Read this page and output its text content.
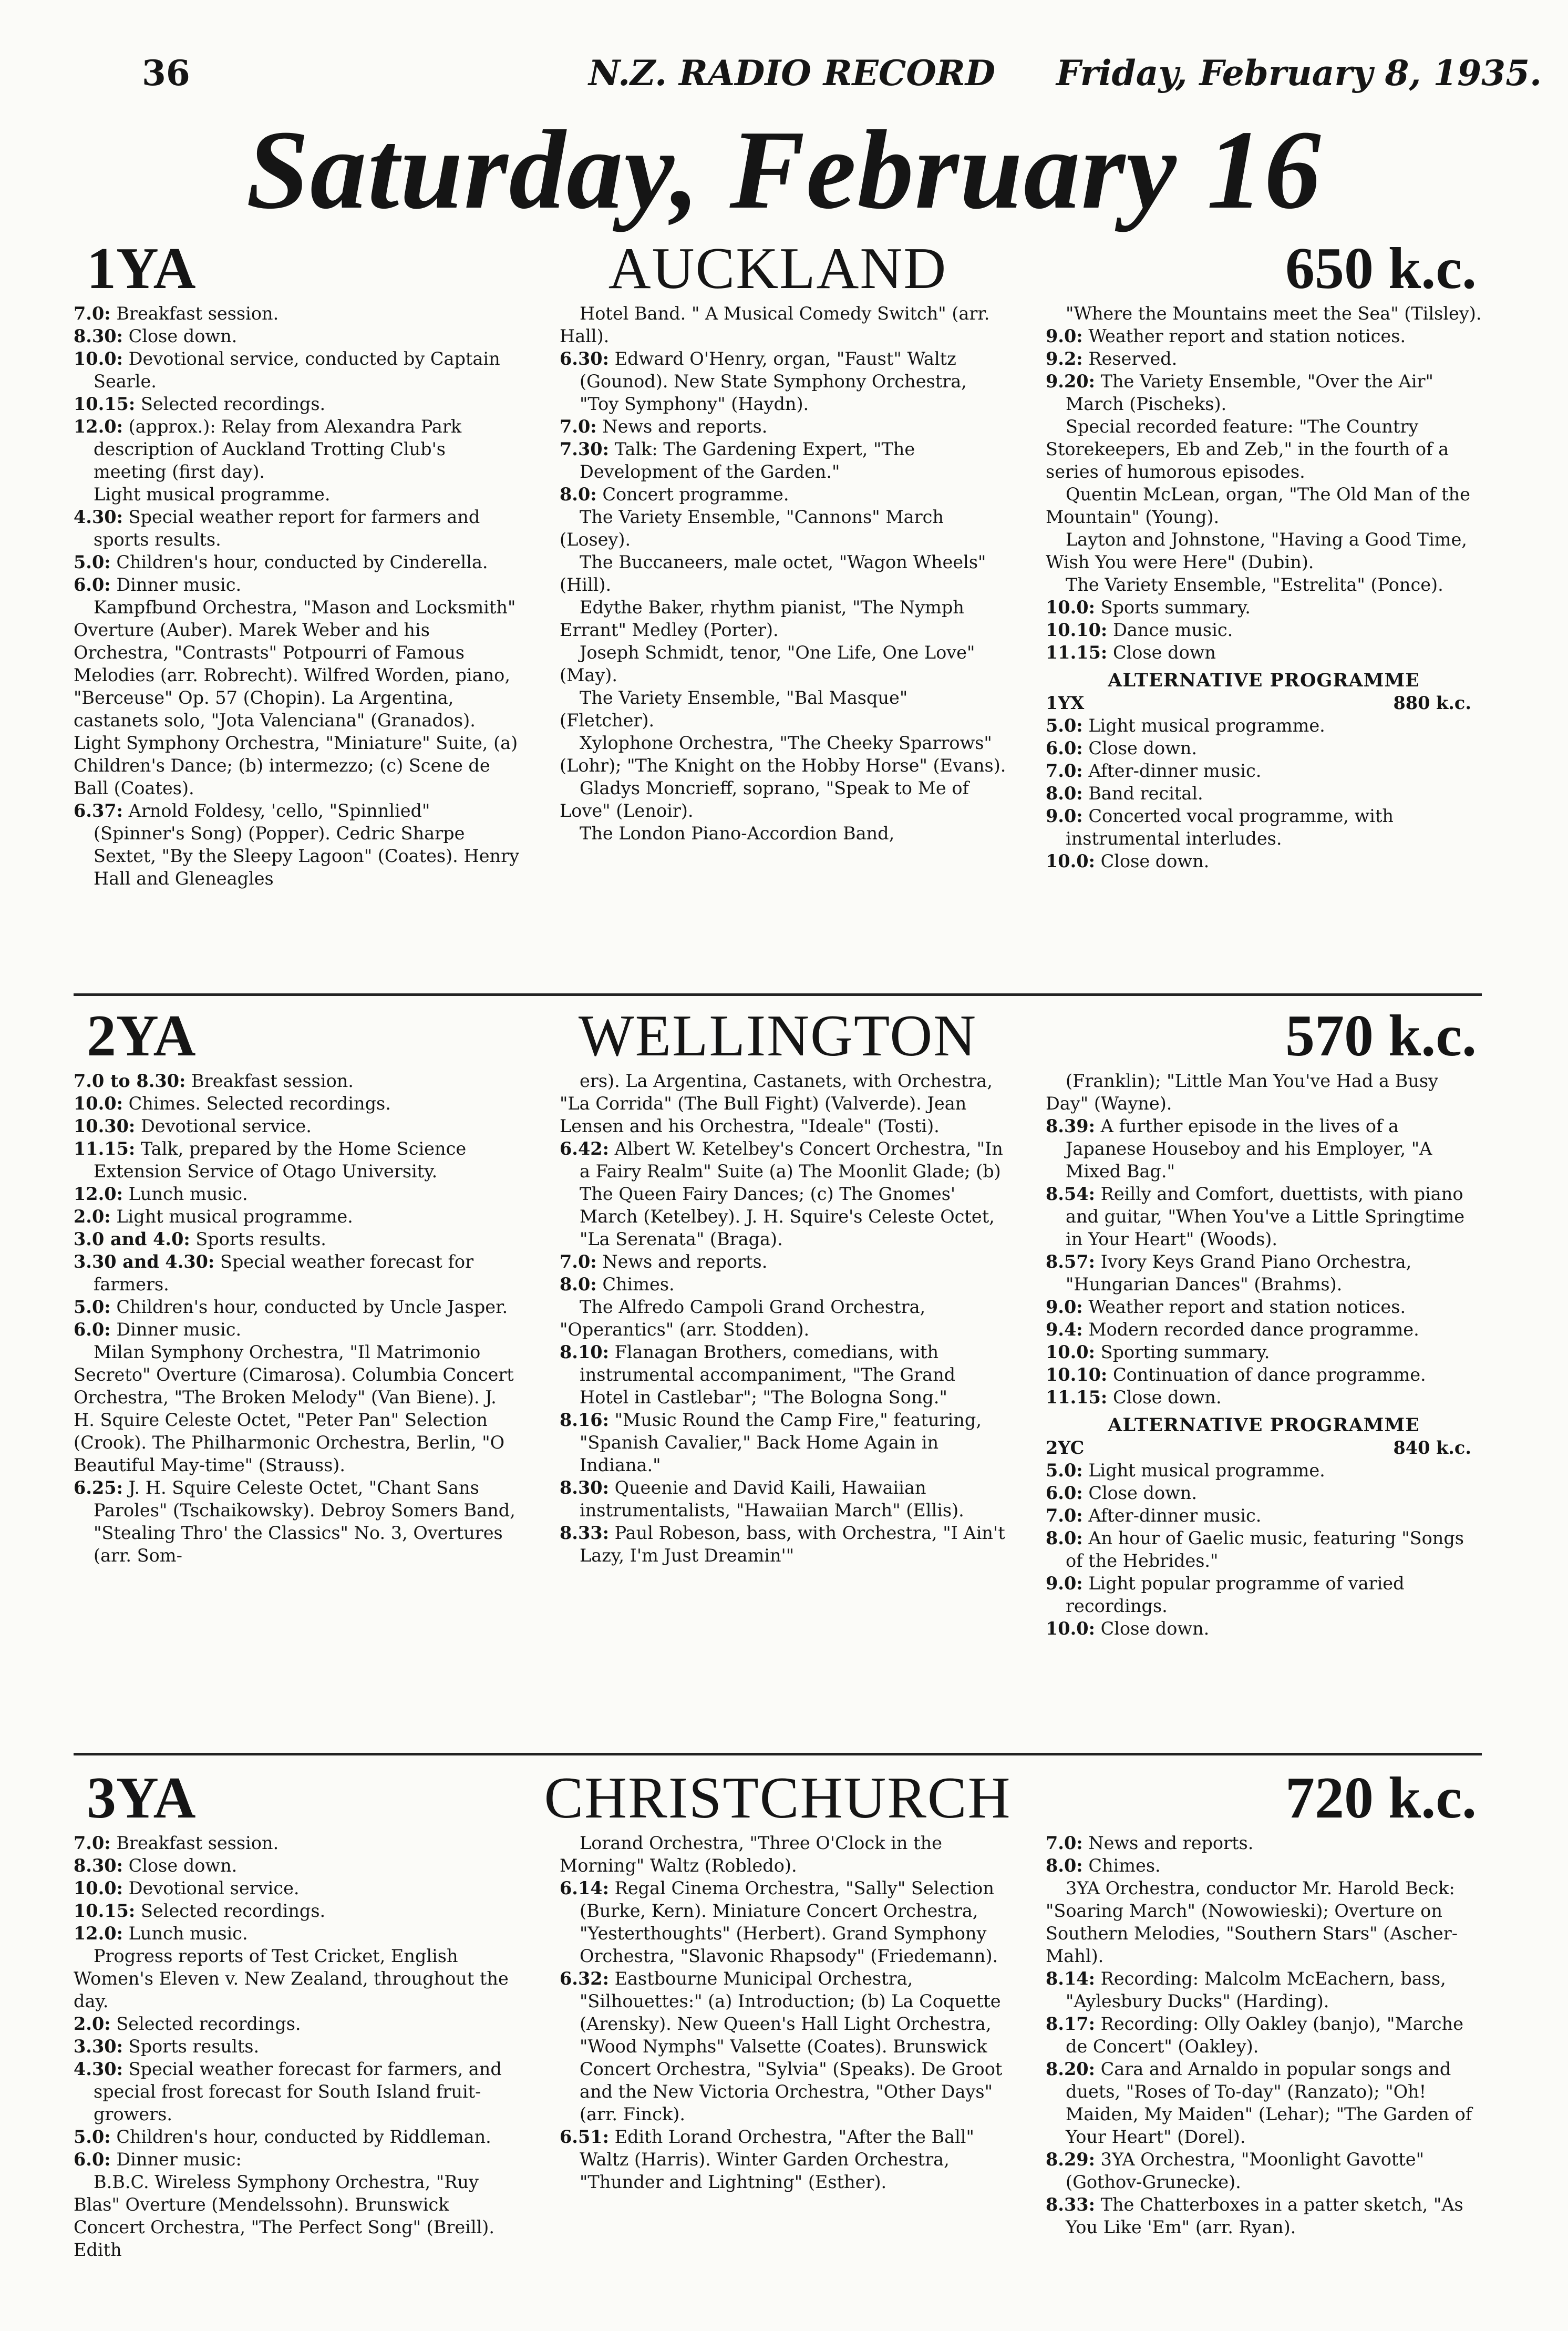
36	N.Z. RADIO RECORD Friday, February 8, 1935.
Saturday, February 16
1YA	AUCKLAND	650 k.c.

7.0: Breakfast session.

8.30: Close down.

10.0: Devotional service, conducted by Captain Searle.

10.15: Selected recordings.

12.0: (approx.): Relay from Alexandra Park description of Auckland Trotting Club's meeting (first day).

Light musical programme.

4.30: Special weather report for farmers and sports results.

5.0: Children's hour, conducted by Cinderella.

6.0: Dinner music.

Kampfbund Orchestra, "Mason and Locksmith" Overture (Auber). Marek Weber and his Orchestra, "Contrasts" Potpourri of Famous Melodies (arr. Robrecht). Wilfred Worden, piano, "Berceuse" Op. 57 (Chopin). La Argentina, castanets solo, "Jota Valenciana" (Granados). Light Symphony Orchestra, "Miniature" Suite, (a) Children's Dance; (b) intermezzo; (c) Scene de Ball (Coates).

6.37: Arnold Foldesy, 'cello, "Spinnlied" (Spinner's Song) (Popper). Cedric Sharpe Sextet, "By the Sleepy Lagoon" (Coates). Henry Hall and Gleneagles

Hotel Band. " A Musical Comedy Switch" (arr. Hall).

6.30: Edward O'Henry, organ, "Faust" Waltz (Gounod). New State Symphony Orchestra, "Toy Symphony" (Haydn).

7.0: News and reports.

7.30: Talk: The Gardening Expert, "The Development of the Garden."

8.0: Concert programme.

The Variety Ensemble, "Cannons" March (Losey).

The Buccaneers, male octet, "Wagon Wheels" (Hill).

Edythe Baker, rhythm pianist, "The Nymph Errant" Medley (Porter).

Joseph Schmidt, tenor, "One Life, One Love" (May).

The Variety Ensemble, "Bal Masque" (Fletcher).

Xylophone Orchestra, "The Cheeky Sparrows" (Lohr); "The Knight on the Hobby Horse" (Evans).

Gladys Moncrieff, soprano, "Speak to Me of Love" (Lenoir).

The London Piano-Accordion Band,

"Where the Mountains meet the Sea" (Tilsley).

9.0: Weather report and station notices.

9.2: Reserved.

9.20: The Variety Ensemble, "Over the Air" March (Pischeks).

Special recorded feature: "The Country Storekeepers, Eb and Zeb," in the fourth of a series of humorous episodes.

Quentin McLean, organ, "The Old Man of the Mountain" (Young).

Layton and Johnstone, "Having a Good Time, Wish You were Here" (Dubin).

The Variety Ensemble, "Estrelita" (Ponce).

10.0: Sports summary.

10.10: Dance music.

11.15: Close down

ALTERNATIVE PROGRAMME

1YX	880 k.c.

5.0: Light musical programme.

6.0: Close down.

7.0: After-dinner music.

8.0: Band recital.

9.0: Concerted vocal programme, with instrumental interludes.

10.0: Close down.

2YA	WELLINGTON	570 k.c.

7.0 to 8.30: Breakfast session.

10.0: Chimes. Selected recordings.

10.30: Devotional service.

11.15: Talk, prepared by the Home Science Extension Service of Otago University.

12.0: Lunch music.

2.0: Light musical programme.

3.0 and 4.0: Sports results.

3.30 and 4.30: Special weather forecast for farmers.

5.0: Children's hour, conducted by Uncle Jasper.

6.0: Dinner music.

Milan Symphony Orchestra, "Il Matrimonio Secreto" Overture (Cimarosa). Columbia Concert Orchestra, "The Broken Melody" (Van Biene). J. H. Squire Celeste Octet, "Peter Pan" Selection (Crook). The Philharmonic Orchestra, Berlin, "O Beautiful May-time" (Strauss).

6.25: J. H. Squire Celeste Octet, "Chant Sans Paroles" (Tschaikowsky). Debroy Somers Band, "Stealing Thro' the Classics" No. 3, Overtures (arr. Som-

ers). La Argentina, Castanets, with Orchestra, "La Corrida" (The Bull Fight) (Valverde). Jean Lensen and his Orchestra, "Ideale" (Tosti).

6.42: Albert W. Ketelbey's Concert Orchestra, "In a Fairy Realm" Suite (a) The Moonlit Glade; (b) The Queen Fairy Dances; (c) The Gnomes' March (Ketelbey). J. H. Squire's Celeste Octet, "La Serenata" (Braga).

7.0: News and reports.

8.0: Chimes.

The Alfredo Campoli Grand Orchestra, "Operantics" (arr. Stodden).

8.10: Flanagan Brothers, comedians, with instrumental accompaniment, "The Grand Hotel in Castlebar"; "The Bologna Song."

8.16: "Music Round the Camp Fire," featuring, "Spanish Cavalier," Back Home Again in Indiana."

8.30: Queenie and David Kaili, Hawaiian instrumentalists, "Hawaiian March" (Ellis).

8.33: Paul Robeson, bass, with Orchestra, "I Ain't Lazy, I'm Just Dreamin'"

(Franklin); "Little Man You've Had a Busy Day" (Wayne).

8.39: A further episode in the lives of a Japanese Houseboy and his Employer, "A Mixed Bag."

8.54: Reilly and Comfort, duettists, with piano and guitar, "When You've a Little Springtime in Your Heart" (Woods).

8.57: Ivory Keys Grand Piano Orchestra, "Hungarian Dances" (Brahms).

9.0: Weather report and station notices.

9.4: Modern recorded dance programme.

10.0: Sporting summary.

10.10: Continuation of dance programme.

11.15: Close down.

ALTERNATIVE PROGRAMME

2YC	840 k.c.

5.0: Light musical programme.

6.0: Close down.

7.0: After-dinner music.

8.0: An hour of Gaelic music, featuring "Songs of the Hebrides."

9.0: Light popular programme of varied recordings.

10.0: Close down.

3YA	CHRISTCHURCH	720 k.c.

7.0: Breakfast session.

8.30: Close down.

10.0: Devotional service.

10.15: Selected recordings.

12.0: Lunch music.

Progress reports of Test Cricket, English Women's Eleven v. New Zealand, throughout the day.

2.0: Selected recordings.

3.30: Sports results.

4.30: Special weather forecast for farmers, and special frost forecast for South Island fruit-growers.

5.0: Children's hour, conducted by Riddleman.

6.0: Dinner music:

B.B.C. Wireless Symphony Orchestra, "Ruy Blas" Overture (Mendelssohn). Brunswick Concert Orchestra, "The Perfect Song" (Breill). Edith

Lorand Orchestra, "Three O'Clock in the Morning" Waltz (Robledo).

6.14: Regal Cinema Orchestra, "Sally" Selection (Burke, Kern). Miniature Concert Orchestra, "Yesterthoughts" (Herbert). Grand Symphony Orchestra, "Slavonic Rhapsody" (Friedemann).

6.32: Eastbourne Municipal Orchestra, "Silhouettes:" (a) Introduction; (b) La Coquette (Arensky). New Queen's Hall Light Orchestra, "Wood Nymphs" Valsette (Coates). Brunswick Concert Orchestra, "Sylvia" (Speaks). De Groot and the New Victoria Orchestra, "Other Days" (arr. Finck).

6.51: Edith Lorand Orchestra, "After the Ball" Waltz (Harris). Winter Garden Orchestra, "Thunder and Lightning" (Esther).

7.0: News and reports.

8.0: Chimes.

3YA Orchestra, conductor Mr. Harold Beck: "Soaring March" (Nowowieski); Overture on Southern Melodies, "Southern Stars" (Ascher-Mahl).

8.14: Recording: Malcolm McEachern, bass, "Aylesbury Ducks" (Harding).

8.17: Recording: Olly Oakley (banjo), "Marche de Concert" (Oakley).

8.20: Cara and Arnaldo in popular songs and duets, "Roses of To-day" (Ranzato); "Oh! Maiden, My Maiden" (Lehar); "The Garden of Your Heart" (Dorel).

8.29: 3YA Orchestra, "Moonlight Gavotte" (Gothov-Grunecke).

8.33: The Chatterboxes in a patter sketch, "As You Like 'Em" (arr. Ryan).
